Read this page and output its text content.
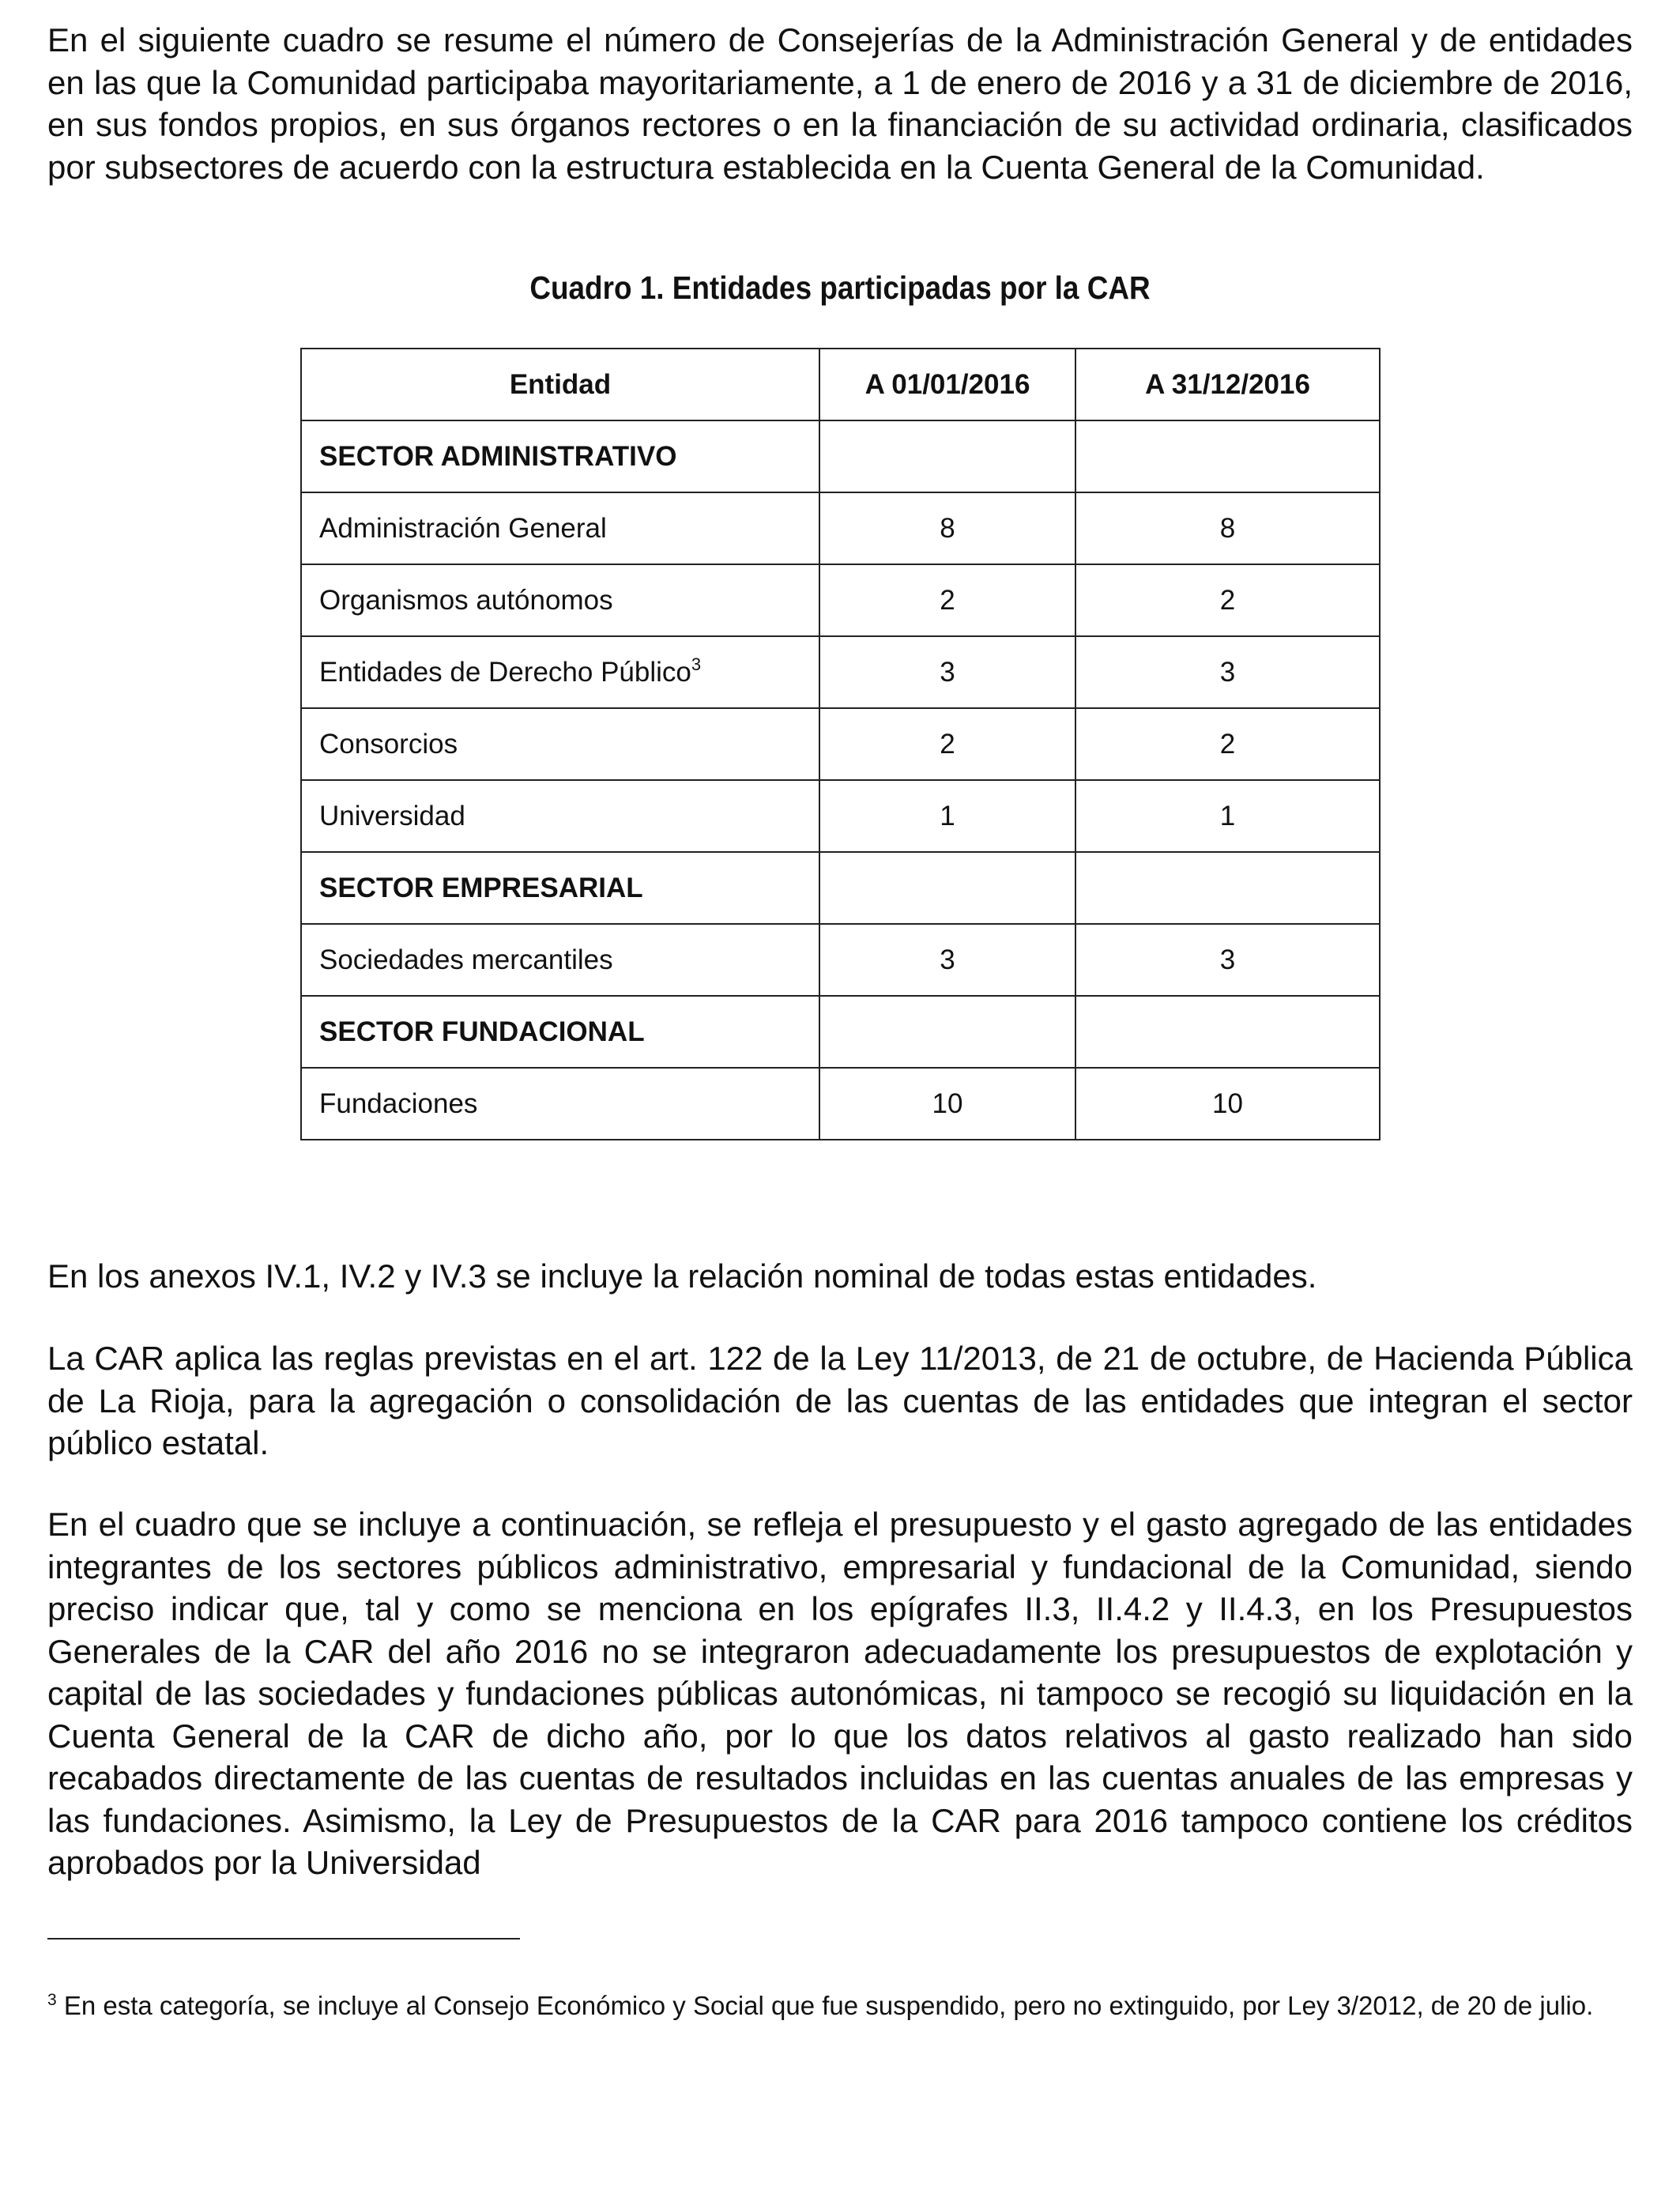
En el siguiente cuadro se resume el número de Consejerías de la Administración General y de entidades en las que la Comunidad participaba mayoritariamente, a 1 de enero de 2016 y a 31 de diciembre de 2016, en sus fondos propios, en sus órganos rectores o en la financiación de su actividad ordinaria, clasificados por subsectores de acuerdo con la estructura establecida en la Cuenta General de la Comunidad.

Cuadro 1. Entidades participadas por la CAR
Entidad	A 01/01/2016	A 31/12/2016
SECTOR ADMINISTRATIVO		
Administración General	8	8
Organismos autónomos	2	2
Entidades de Derecho Público$^3$	3	3
Consorcios	2	2
Universidad	1	1
SECTOR EMPRESARIAL		
Sociedades mercantiles	3	3
SECTOR FUNDACIONAL		
Fundaciones	10	10

En los anexos IV.1, IV.2 y IV.3 se incluye la relación nominal de todas estas entidades.

La CAR aplica las reglas previstas en el art. 122 de la Ley 11/2013, de 21 de octubre, de Hacienda Pública de La Rioja, para la agregación o consolidación de las cuentas de las entidades que integran el sector público estatal.

En el cuadro que se incluye a continuación, se refleja el presupuesto y el gasto agregado de las entidades integrantes de los sectores públicos administrativo, empresarial y fundacional de la Comunidad, siendo preciso indicar que, tal y como se menciona en los epígrafes II.3, II.4.2 y II.4.3, en los Presupuestos Generales de la CAR del año 2016 no se integraron adecuadamente los presupuestos de explotación y capital de las sociedades y fundaciones públicas autonómicas, ni tampoco se recogió su liquidación en la Cuenta General de la CAR de dicho año, por lo que los datos relativos al gasto realizado han sido recabados directamente de las cuentas de resultados incluidas en las cuentas anuales de las empresas y las fundaciones. Asimismo, la Ley de Presupuestos de la CAR para 2016 tampoco contiene los créditos aprobados por la Universidad

$^3$ En esta categoría, se incluye al Consejo Económico y Social que fue suspendido, pero no extinguido, por Ley 3/2012, de 20 de julio.
